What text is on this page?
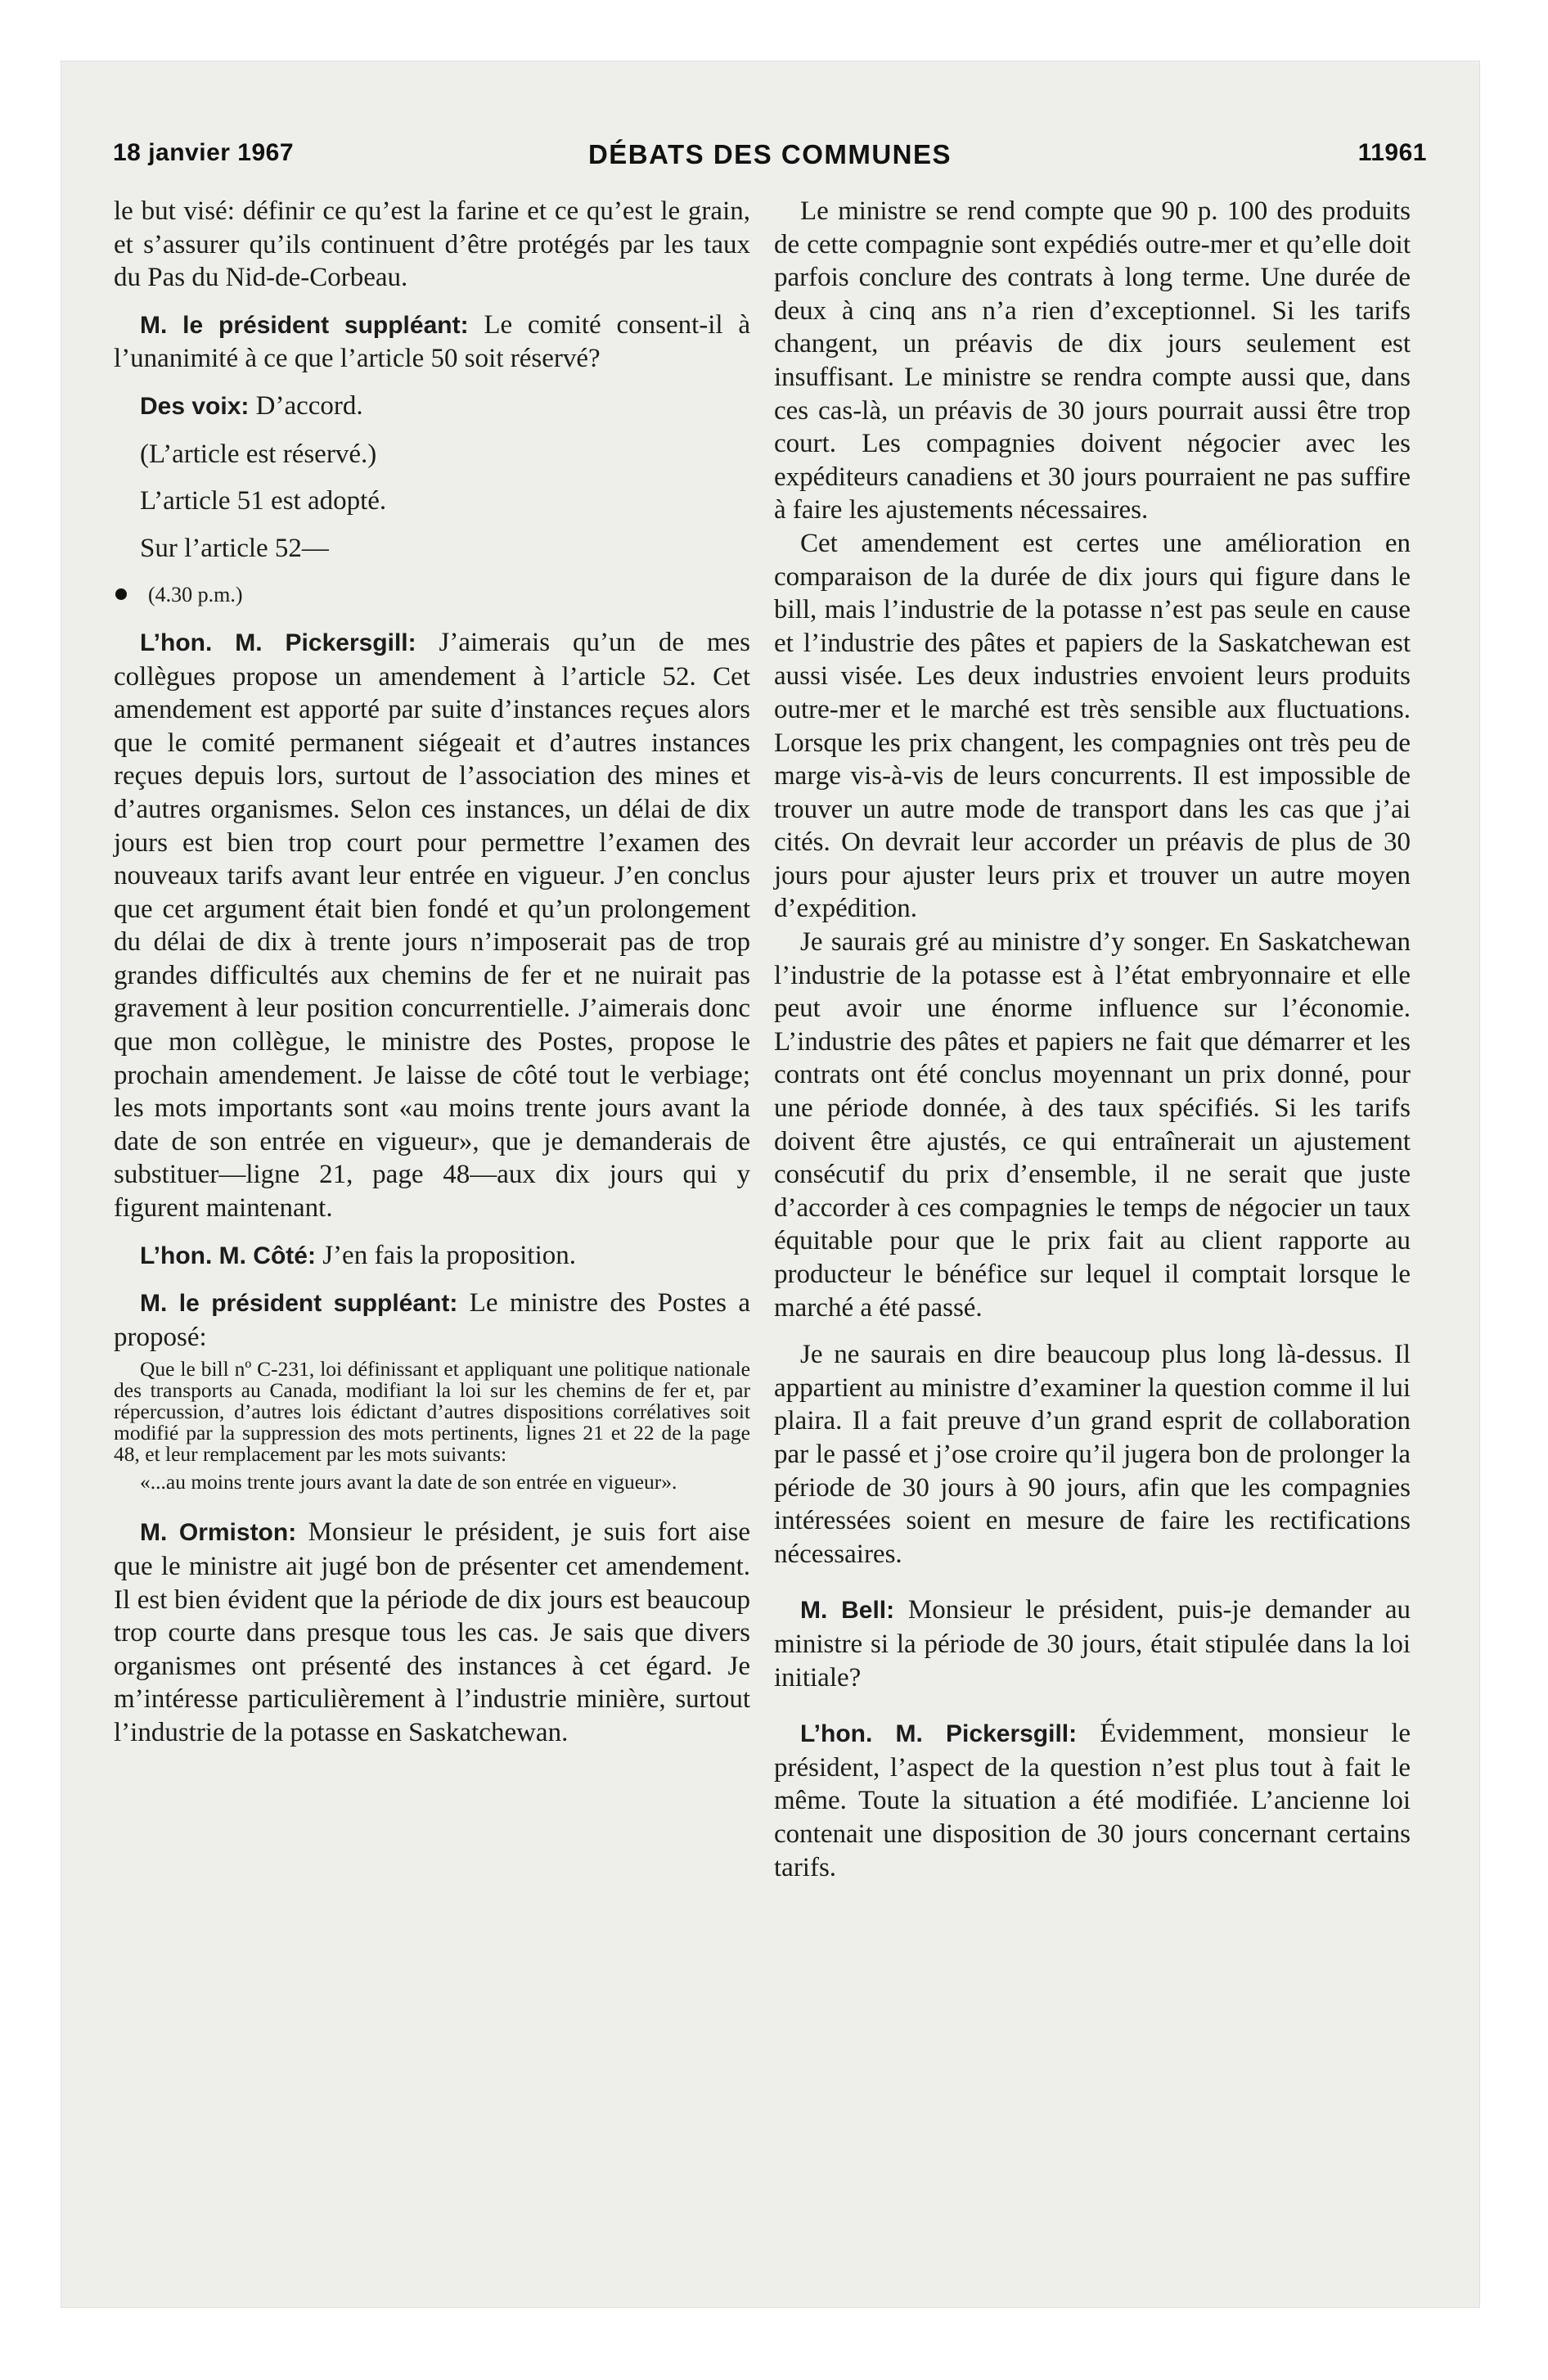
18 janvier 1967	DÉBATS DES COMMUNES	11961

le but visé: définir ce qu’est la farine et ce qu’est le grain, et s’assurer qu’ils continuent d’être protégés par les taux du Pas du Nid-de-Corbeau.

M. le président suppléant: Le comité consent-il à l’unanimité à ce que l’article 50 soit réservé?

Des voix: D’accord.

(L’article est réservé.)

L’article 51 est adopté.

Sur l’article 52—

(4.30 p.m.)

L’hon. M. Pickersgill: J’aimerais qu’un de mes collègues propose un amendement à l’article 52. Cet amendement est apporté par suite d’instances reçues alors que le comité permanent siégeait et d’autres instances reçues depuis lors, surtout de l’association des mines et d’autres organismes. Selon ces instances, un délai de dix jours est bien trop court pour permettre l’examen des nouveaux tarifs avant leur entrée en vigueur. J’en conclus que cet argument était bien fondé et qu’un prolongement du délai de dix à trente jours n’imposerait pas de trop grandes difficultés aux chemins de fer et ne nuirait pas gravement à leur position concurrentielle. J’aimerais donc que mon collègue, le ministre des Postes, propose le prochain amendement. Je laisse de côté tout le verbiage; les mots importants sont «au moins trente jours avant la date de son entrée en vigueur», que je demanderais de substituer—ligne 21, page 48—aux dix jours qui y figurent maintenant.

L’hon. M. Côté: J’en fais la proposition.

M. le président suppléant: Le ministre des Postes a proposé:

Que le bill nº C-231, loi définissant et appliquant une politique nationale des transports au Canada, modifiant la loi sur les chemins de fer et, par répercussion, d’autres lois édictant d’autres dispositions corrélatives soit modifié par la suppression des mots pertinents, lignes 21 et 22 de la page 48, et leur remplacement par les mots suivants:

«...au moins trente jours avant la date de son entrée en vigueur».

M. Ormiston: Monsieur le président, je suis fort aise que le ministre ait jugé bon de présenter cet amendement. Il est bien évident que la période de dix jours est beaucoup trop courte dans presque tous les cas. Je sais que divers organismes ont présenté des instances à cet égard. Je m’intéresse particulièrement à l’industrie minière, surtout l’industrie de la potasse en Saskatchewan.

Le ministre se rend compte que 90 p. 100 des produits de cette compagnie sont expédiés outre-mer et qu’elle doit parfois conclure des contrats à long terme. Une durée de deux à cinq ans n’a rien d’exceptionnel. Si les tarifs changent, un préavis de dix jours seulement est insuffisant. Le ministre se rendra compte aussi que, dans ces cas-là, un préavis de 30 jours pourrait aussi être trop court. Les compagnies doivent négocier avec les expéditeurs canadiens et 30 jours pourraient ne pas suffire à faire les ajustements nécessaires.

Cet amendement est certes une amélioration en comparaison de la durée de dix jours qui figure dans le bill, mais l’industrie de la potasse n’est pas seule en cause et l’industrie des pâtes et papiers de la Saskatchewan est aussi visée. Les deux industries envoient leurs produits outre-mer et le marché est très sensible aux fluctuations. Lorsque les prix changent, les compagnies ont très peu de marge vis-à-vis de leurs concurrents. Il est impossible de trouver un autre mode de transport dans les cas que j’ai cités. On devrait leur accorder un préavis de plus de 30 jours pour ajuster leurs prix et trouver un autre moyen d’expédition.

Je saurais gré au ministre d’y songer. En Saskatchewan l’industrie de la potasse est à l’état embryonnaire et elle peut avoir une énorme influence sur l’économie. L’industrie des pâtes et papiers ne fait que démarrer et les contrats ont été conclus moyennant un prix donné, pour une période donnée, à des taux spécifiés. Si les tarifs doivent être ajustés, ce qui entraînerait un ajustement consécutif du prix d’ensemble, il ne serait que juste d’accorder à ces compagnies le temps de négocier un taux équitable pour que le prix fait au client rapporte au producteur le bénéfice sur lequel il comptait lorsque le marché a été passé.

Je ne saurais en dire beaucoup plus long là-dessus. Il appartient au ministre d’examiner la question comme il lui plaira. Il a fait preuve d’un grand esprit de collaboration par le passé et j’ose croire qu’il jugera bon de prolonger la période de 30 jours à 90 jours, afin que les compagnies intéressées soient en mesure de faire les rectifications nécessaires.

M. Bell: Monsieur le président, puis-je demander au ministre si la période de 30 jours, était stipulée dans la loi initiale?

L’hon. M. Pickersgill: Évidemment, monsieur le président, l’aspect de la question n’est plus tout à fait le même. Toute la situation a été modifiée. L’ancienne loi contenait une disposition de 30 jours concernant certains tarifs.
